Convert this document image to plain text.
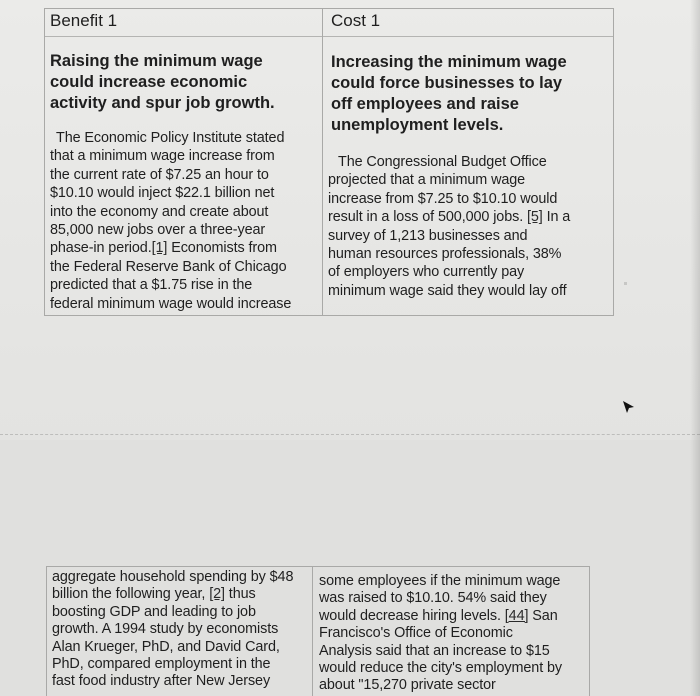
Benefit 1
Raising the minimum wage
could increase economic
activity and spur job growth.
The Economic Policy Institute stated
that a minimum wage increase from
the current rate of $7.25 an hour to
$10.10 would inject $22.1 billion net
into the economy and create about
85,000 new jobs over a three-year
phase-in period.[1] Economists from
the Federal Reserve Bank of Chicago
predicted that a $1.75 rise in the
federal minimum wage would increase
Cost 1
Increasing the minimum wage
could force businesses to lay
off employees and raise
unemployment levels.
The Congressional Budget Office
projected that a minimum wage
increase from $7.25 to $10.10 would
result in a loss of 500,000 jobs. [5] In a
survey of 1,213 businesses and
human resources professionals, 38%
of employers who currently pay
minimum wage said they would lay off
aggregate household spending by $48
billion the following year, [2] thus
boosting GDP and leading to job
growth. A 1994 study by economists
Alan Krueger, PhD, and David Card,
PhD, compared employment in the
fast food industry after New Jersey
some employees if the minimum wage
was raised to $10.10. 54% said they
would decrease hiring levels. [44] San
Francisco's Office of Economic
Analysis said that an increase to $15
would reduce the city's employment by
about "15,270 private sector
